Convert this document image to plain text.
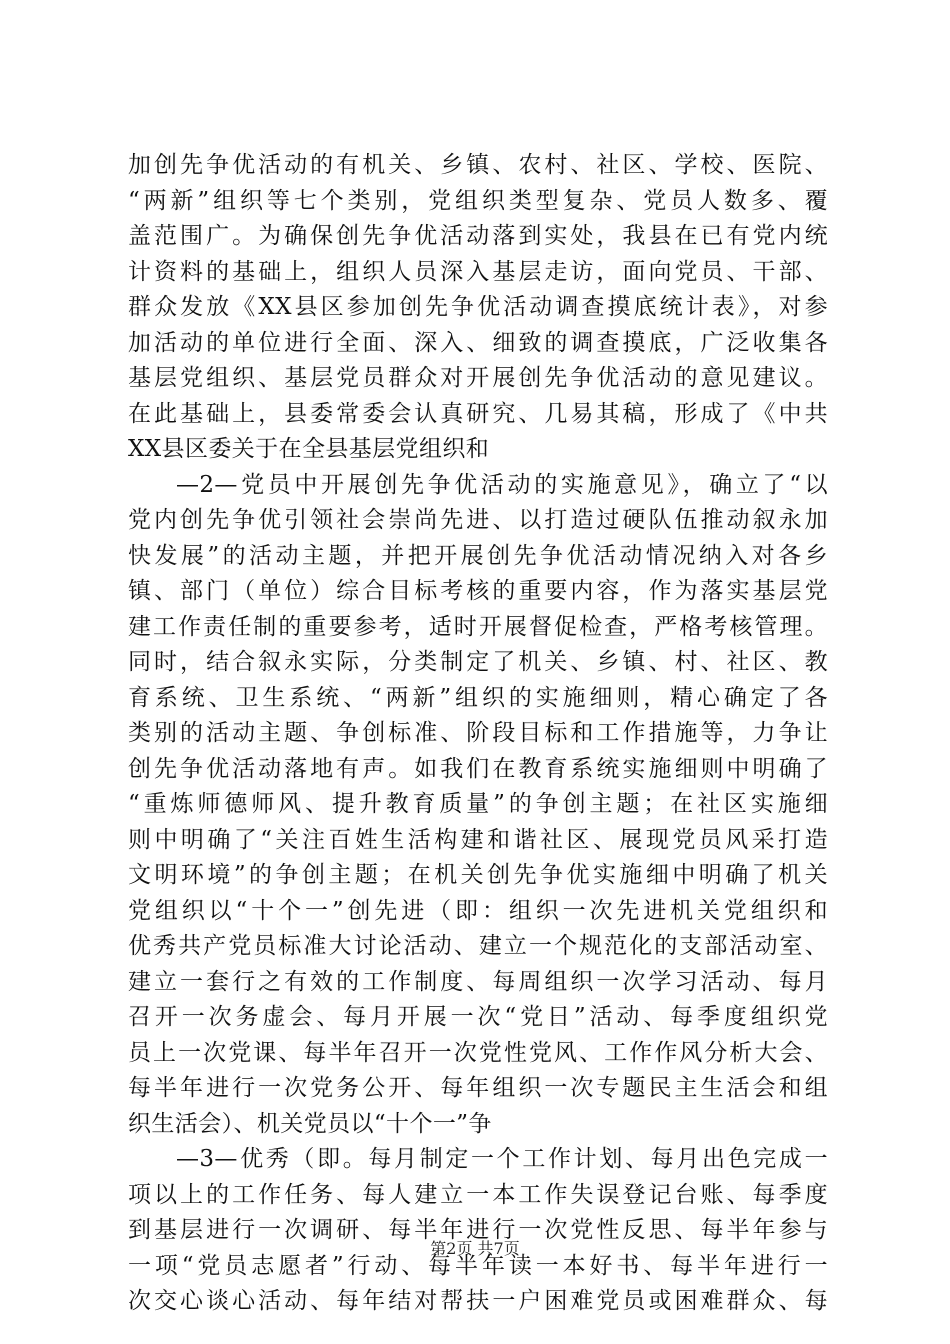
加创先争优活动的有机关、乡镇、农村、社区、学校、医院、
“两新”组织等七个类别，党组织类型复杂、党员人数多、覆
盖范围广。为确保创先争优活动落到实处，我县在已有党内统
计资料的基础上，组织人员深入基层走访，面向党员、干部、
群众发放《XX县区参加创先争优活动调查摸底统计表》，对参
加活动的单位进行全面、深入、细致的调查摸底，广泛收集各
基层党组织、基层党员群众对开展创先争优活动的意见建议。
在此基础上，县委常委会认真研究、几易其稿，形成了《中共
XX县区委关于在全县基层党组织和
—2—党员中开展创先争优活动的实施意见》，确立了“以
党内创先争优引领社会崇尚先进、以打造过硬队伍推动叙永加
快发展”的活动主题，并把开展创先争优活动情况纳入对各乡
镇、部门（单位）综合目标考核的重要内容，作为落实基层党
建工作责任制的重要参考，适时开展督促检查，严格考核管理。
同时，结合叙永实际，分类制定了机关、乡镇、村、社区、教
育系统、卫生系统、“两新”组织的实施细则，精心确定了各
类别的活动主题、争创标准、阶段目标和工作措施等，力争让
创先争优活动落地有声。如我们在教育系统实施细则中明确了
“重炼师德师风、提升教育质量”的争创主题；在社区实施细
则中明确了“关注百姓生活构建和谐社区、展现党员风采打造
文明环境”的争创主题；在机关创先争优实施细中明确了机关
党组织以“十个一”创先进（即：组织一次先进机关党组织和
优秀共产党员标准大讨论活动、建立一个规范化的支部活动室、
建立一套行之有效的工作制度、每周组织一次学习活动、每月
召开一次务虚会、每月开展一次“党日”活动、每季度组织党
员上一次党课、每半年召开一次党性党风、工作作风分析大会、
每半年进行一次党务公开、每年组织一次专题民主生活会和组
织生活会）、机关党员以“十个一”争
—3—优秀（即。每月制定一个工作计划、每月出色完成一
项以上的工作任务、每人建立一本工作失误登记台账、每季度
到基层进行一次调研、每半年进行一次党性反思、每半年参与
一项“党员志愿者”行动、每半年读一本好书、每半年进行一
次交心谈心活动、每年结对帮扶一户困难党员或困难群众、每
第2页 共7页
